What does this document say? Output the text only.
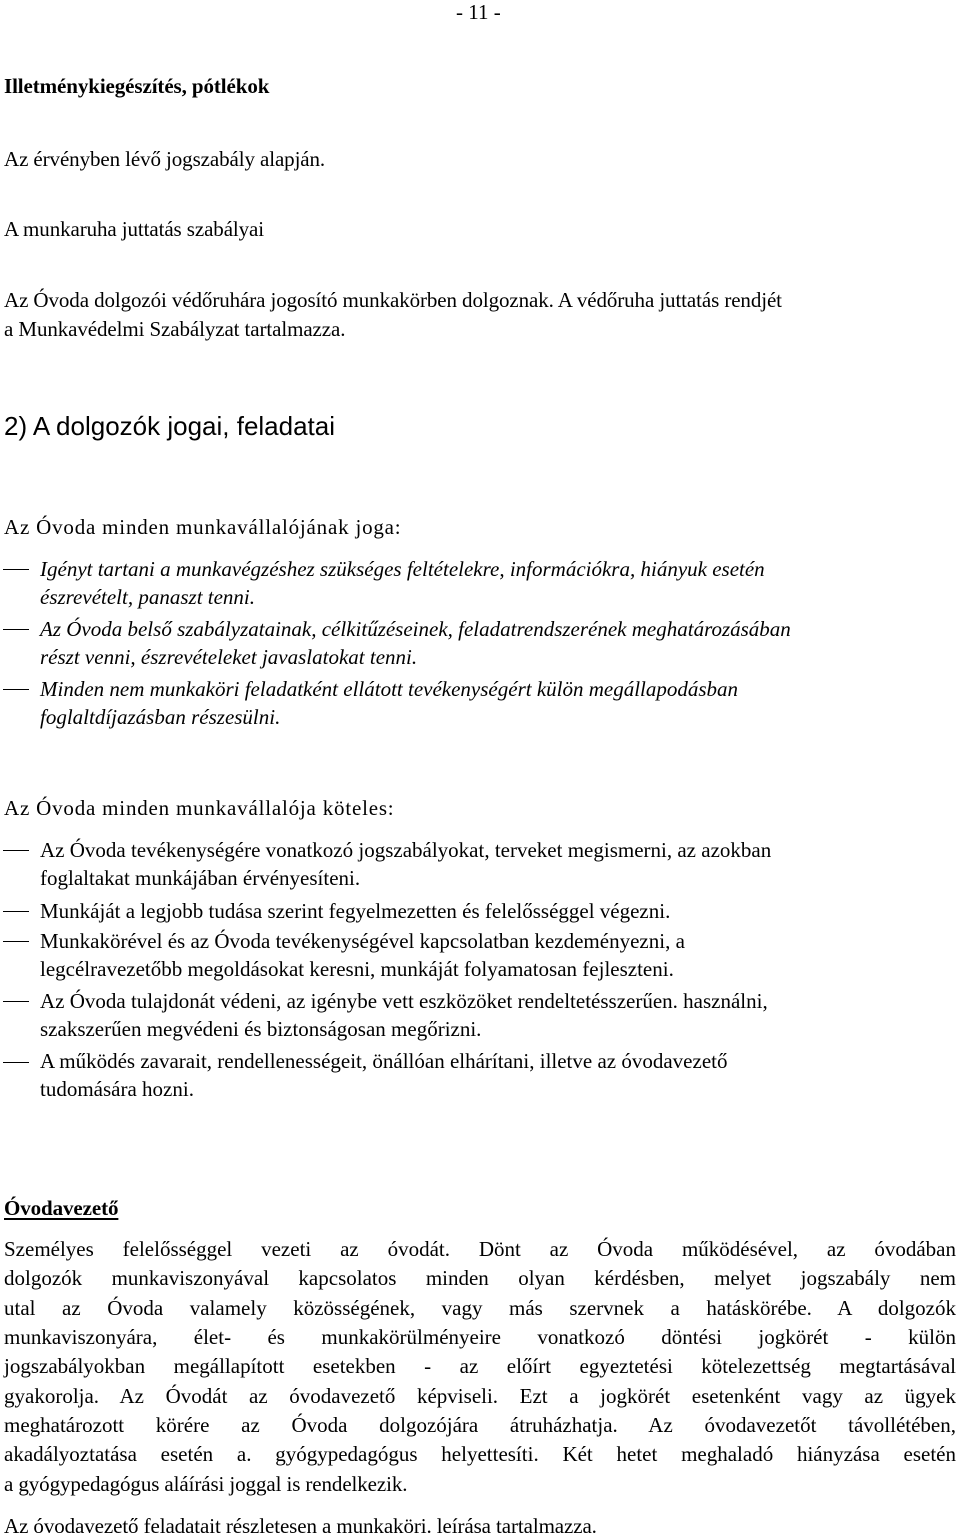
- 11 -
Illetménykiegészítés, pótlékok
Az érvényben lévő jogszabály alapján.
A munkaruha juttatás szabályai
Az Óvoda dolgozói védőruhára jogosító munkakörben dolgoznak. A védőruha juttatás rendjét
a Munkavédelmi Szabályzat tartalmazza.
2) A dolgozók jogai, feladatai
Az Óvoda minden munkavállalójának joga:
Igényt tartani a munkavégzéshez szükséges feltételekre, információkra, hiányuk esetén
észrevételt, panaszt tenni.
Az Óvoda belső szabályzatainak, célkitűzéseinek, feladatrendszerének meghatározásában
részt venni, észrevételeket javaslatokat tenni.
Minden nem munkaköri feladatként ellátott tevékenységért külön megállapodásban
foglaltdíjazásban részesülni.
Az Óvoda minden munkavállalója köteles:
Az Óvoda tevékenységére vonatkozó jogszabályokat, terveket megismerni, az azokban
foglaltakat munkájában érvényesíteni.
Munkáját a legjobb tudása szerint fegyelmezetten és felelősséggel végezni.
Munkakörével és az Óvoda tevékenységével kapcsolatban kezdeményezni, a
legcélravezetőbb megoldásokat keresni, munkáját folyamatosan fejleszteni.
Az Óvoda tulajdonát védeni, az igénybe vett eszközöket rendeltetésszerűen. használni,
szakszerűen megvédeni és biztonságosan megőrizni.
A működés zavarait, rendellenességeit, önállóan elhárítani, illetve az óvodavezető
tudomására hozni.
Óvodavezető
Személyes felelősséggel vezeti az óvodát. Dönt az Óvoda működésével, az óvodában
dolgozók munkaviszonyával kapcsolatos minden olyan kérdésben, melyet jogszabály nem
utal az Óvoda valamely közösségének, vagy más szervnek a hatáskörébe. A dolgozók
munkaviszonyára, élet- és munkakörülményeire vonatkozó döntési jogkörét - külön
jogszabályokban megállapított esetekben - az előírt egyeztetési kötelezettség megtartásával
gyakorolja. Az Óvodát az óvodavezető képviseli. Ezt a jogkörét esetenként vagy az ügyek
meghatározott körére az Óvoda dolgozójára átruházhatja. Az óvodavezetőt távollétében,
akadályoztatása esetén a. gyógypedagógus helyettesíti. Két hetet meghaladó hiányzása esetén
a gyógypedagógus aláírási joggal is rendelkezik.
Az óvodavezető feladatait részletesen a munkaköri. leírása tartalmazza.
